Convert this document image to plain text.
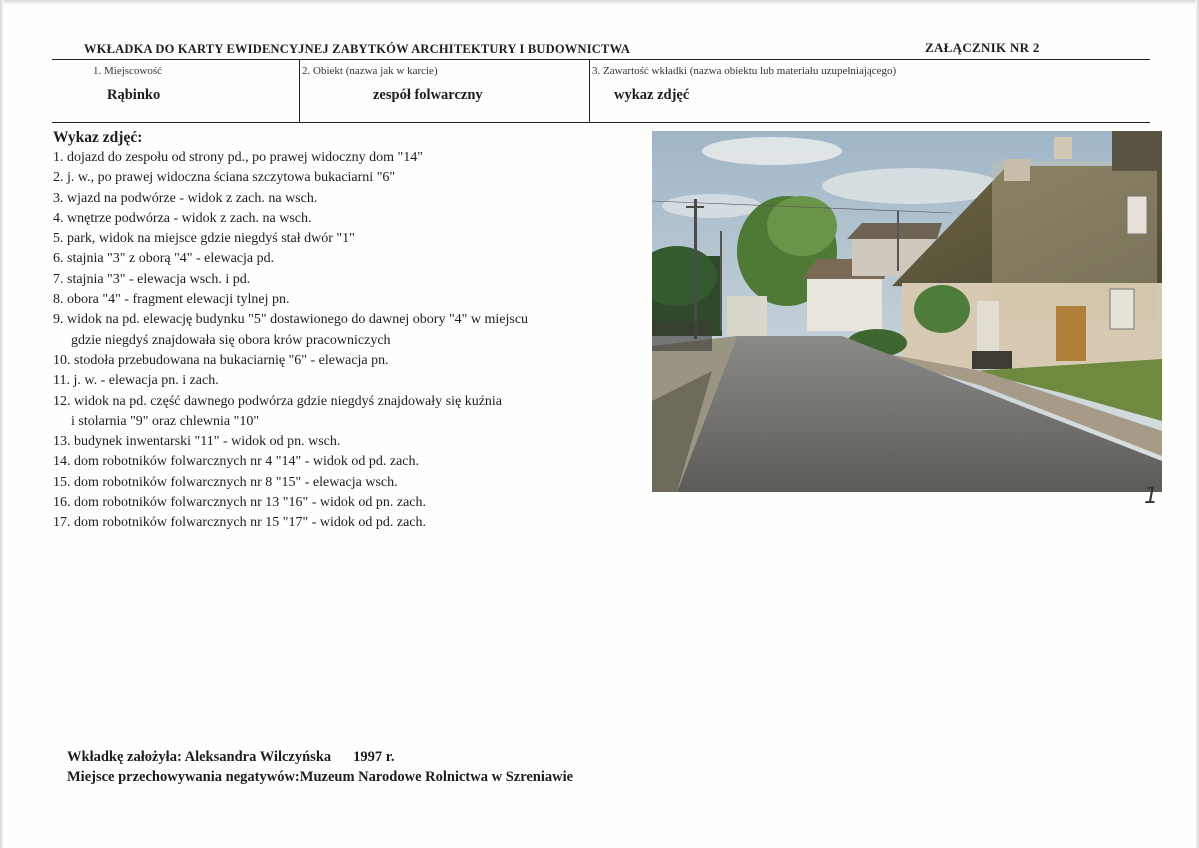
WKŁADKA DO KARTY EWIDENCYJNEJ ZABYTKÓW ARCHITEKTURY I BUDOWNICTWA	ZAŁĄCZNIK NR 2
1. Miejscowość
Rąbinko
2. Obiekt (nazwa jak w karcie)
zespół folwarczny
3. Zawartość wkładki (nazwa obiektu lub materiału uzupełniającego)
wykaz zdjęć
Wykaz zdjęć:
1. dojazd do zespołu od strony pd., po prawej widoczny dom "14"
2. j. w., po prawej widoczna ściana szczytowa bukaciarni "6"
3. wjazd na podwórze - widok z zach. na wsch.
4. wnętrze podwórza - widok z zach. na wsch.
5. park, widok na miejsce gdzie niegdyś stał dwór "1"
6. stajnia "3" z oborą "4" - elewacja pd.
7. stajnia "3" - elewacja wsch. i pd.
8. obora "4" - fragment elewacji tylnej pn.
9. widok na pd. elewację budynku "5" dostawionego do dawnej obory "4" w miejscu
gdzie niegdyś znajdowała się obora krów pracowniczych
10. stodoła przebudowana na bukaciarnię "6" - elewacja pn.
11. j. w. - elewacja pn. i zach.
12. widok na pd. część dawnego podwórza gdzie niegdyś znajdowały się kuźnia
i stolarnia "9" oraz chlewnia "10"
13. budynek inwentarski "11" - widok od pn. wsch.
14. dom robotników folwarcznych nr 4 "14" - widok od pd. zach.
15. dom robotników folwarcznych nr 8 "15" - elewacja wsch.
16. dom robotników folwarcznych nr 13 "16" - widok od pn. zach.
17. dom robotników folwarcznych nr 15 "17" - widok od pd. zach.
1
Wkładkę założyła: Aleksandra Wilczyńska 1997 r.
Miejsce przechowywania negatywów:Muzeum Narodowe Rolnictwa w Szreniawie
